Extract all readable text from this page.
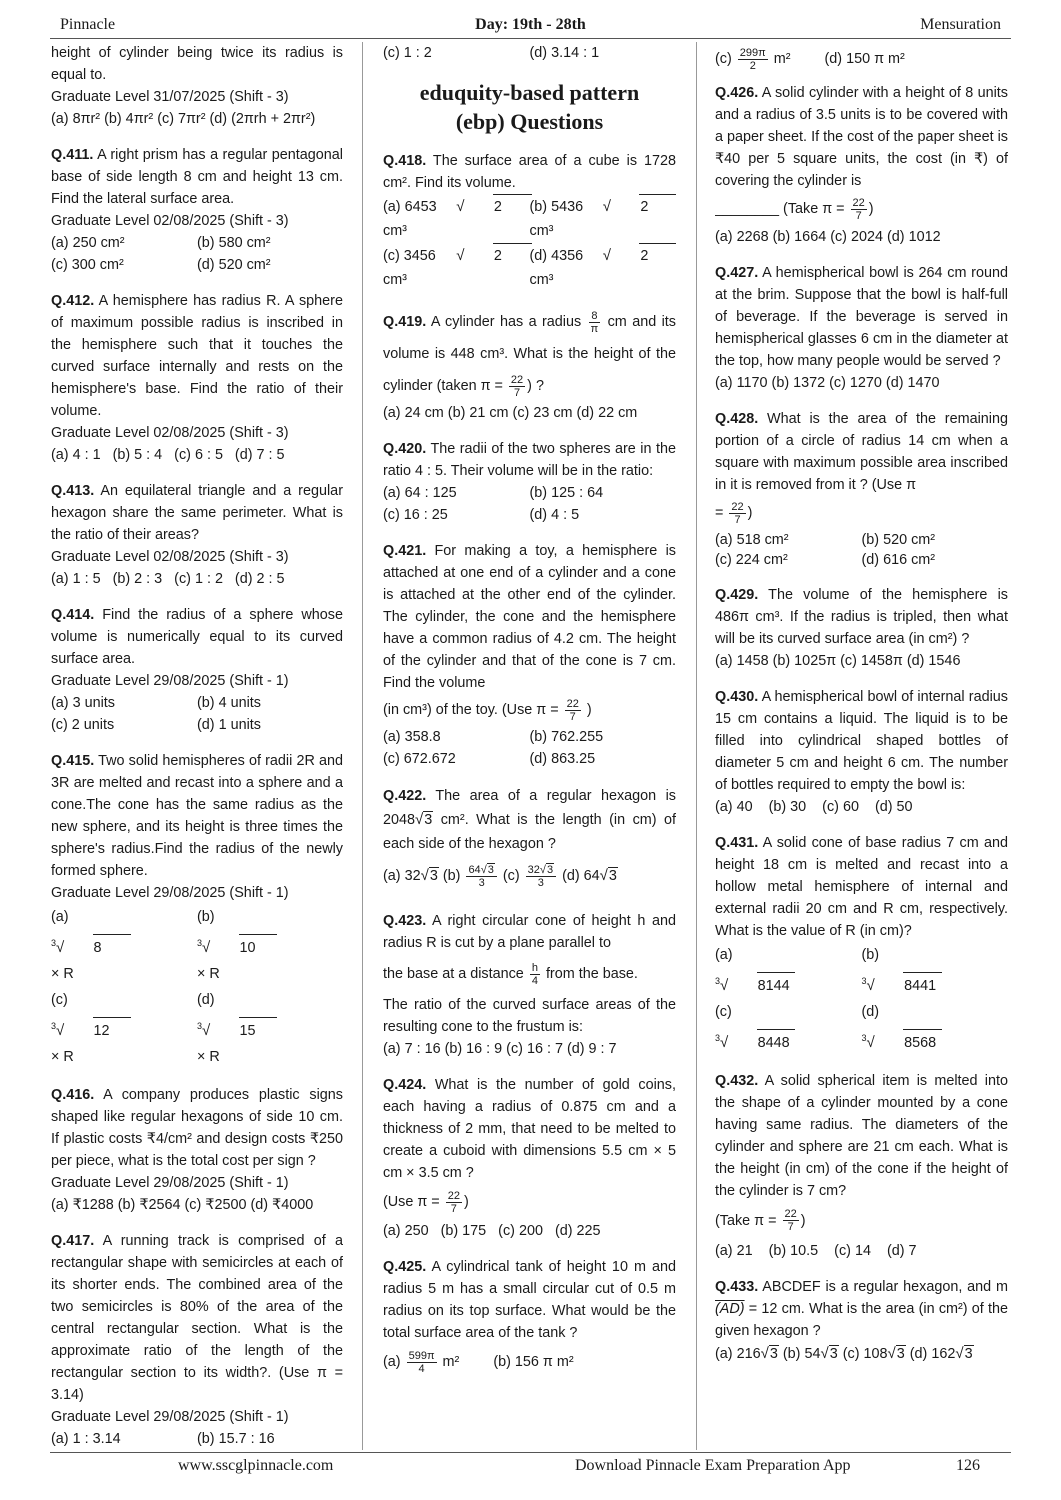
Pinnacle	Day: 19th - 28th	Mensuration

height of cylinder being twice its radius is equal to.

Graduate Level 31/07/2025 (Shift - 3)

(a) 8πr² (b) 4πr² (c) 7πr² (d) (2πrh + 2πr²)

Q.411. A right prism has a regular pentagonal base of side length 8 cm and height 13 cm. Find the lateral surface area.

Graduate Level 02/08/2025 (Shift - 3)

(a) 250 cm²	(b) 580 cm²
(c) 300 cm²	(d) 520 cm²

Q.412. A hemisphere has radius R. A sphere of maximum possible radius is inscribed in the hemisphere such that it touches the curved surface internally and rests on the hemisphere's base. Find the ratio of their volume.

Graduate Level 02/08/2025 (Shift - 3)

(a) 4 : 1   (b) 5 : 4   (c) 6 : 5   (d) 7 : 5

Q.413. An equilateral triangle and a regular hexagon share the same perimeter. What is the ratio of their areas?

Graduate Level 02/08/2025 (Shift - 3)

(a) 1 : 5   (b) 2 : 3   (c) 1 : 2   (d) 2 : 5

Q.414. Find the radius of a sphere whose volume is numerically equal to its curved surface area.

Graduate Level 29/08/2025 (Shift - 1)

(a) 3 units	(b) 4 units
(c) 2 units	(d) 1 units

Q.415. Two solid hemispheres of radii 2R and 3R are melted and recast into a sphere and a cone.The cone has the same radius as the new sphere, and its height is three times the sphere's radius.Find the radius of the newly formed sphere.

Graduate Level 29/08/2025 (Shift - 1)

(a) $^3$√ 8 × R
(b) $^3$√ 10 × R
(c) $^3$√ 12 × R
(d) $^3$√ 15 × R

Q.416. A company produces plastic signs shaped like regular hexagons of side 10 cm. If plastic costs ₹4/cm² and design costs ₹250 per piece, what is the total cost per sign ?

Graduate Level 29/08/2025 (Shift - 1)

(a) ₹1288 (b) ₹2564 (c) ₹2500 (d) ₹4000

Q.417. A running track is comprised of a rectangular shape with semicircles at each of its shorter ends. The combined area of the two semicircles is 80% of the area of the central rectangular section. What is the approximate ratio of the length of the rectangular section to its width?. (Use π = 3.14)

Graduate Level 29/08/2025 (Shift - 1)

(a) 1 : 3.14	(b) 15.7 : 16
(c) 1 : 2	(d) 3.14 : 1
eduquity-based pattern
(ebp) Questions

Q.418. The surface area of a cube is 1728 cm². Find its volume.

(a) 6453 √ 2cm³
(b) 5436 √ 2cm³
(c) 3456 √ 2cm³
(d) 4356 √ 2cm³

Q.419. A cylinder has a radius $\frac{8}{\pi}$ cm and its volume is 448 cm³. What is the height of the cylinder (taken $\pi = \frac{22}{7}$ ) ?

(a) 24 cm (b) 21 cm (c) 23 cm (d) 22 cm

Q.420. The radii of the two spheres are in the ratio 4 : 5. Their volume will be in the ratio:

(a) 64 : 125	(b) 125 : 64
(c) 16 : 25	(d) 4 : 5

Q.421. For making a toy, a hemisphere is attached at one end of a cylinder and a cone is attached at the other end of the cylinder. The cylinder, the cone and the hemisphere have a common radius of 4.2 cm. The height of the cylinder and that of the cone is 7 cm. Find the volume

(in cm³) of the toy. (Use $\pi = \frac{22}{7}$ )

(a) 358.8	(b) 762.255
(c) 672.672	(d) 863.25

Q.422. The area of a regular hexagon is 2048√3 cm². What is the length (in cm) of each side of the hexagon ?

(a) 32√3 $(b) \frac{64√3}{3} (c) \frac{32√3}{3} (d)$ 64√3

Q.423. A right circular cone of height h and radius R is cut by a plane parallel to

the base at a distance $\frac{h}{4}$ from the base.

The ratio of the curved surface areas of the resulting cone to the frustum is:

(a) 7 : 16 (b) 16 : 9 (c) 16 : 7 (d) 9 : 7

Q.424. What is the number of gold coins, each having a radius of 0.875 cm and a thickness of 2 mm, that need to be melted to create a cuboid with dimensions 5.5 cm × 5 cm × 3.5 cm ?

(Use $\pi = \frac{22}{7}$ )

(a) 250   (b) 175   (c) 200   (d) 225

Q.425. A cylindrical tank of height 10 m and radius 5 m has a small circular cut of 0.5 m radius on its top surface. What would be the total surface area of the tank ?

$(a) \frac{599\pi}{4} m^2$ (b) 156 π m²

$(c) \frac{299\pi}{2} m^2$ (d) 150 π m²

Q.426. A solid cylinder with a height of 8 units and a radius of 3.5 units is to be covered with a paper sheet. If the cost of the paper sheet is ₹40 per 5 square units, the cost (in ₹) of covering the cylinder is

________ (Take $\pi = \frac{22}{7}$ )

(a) 2268 (b) 1664 (c) 2024 (d) 1012

Q.427. A hemispherical bowl is 264 cm round at the brim. Suppose that the bowl is half-full of beverage. If the beverage is served in hemispherical glasses 6 cm in the diameter at the top, how many people would be served ?

(a) 1170 (b) 1372 (c) 1270 (d) 1470

Q.428. What is the area of the remaining portion of a circle of radius 14 cm when a square with maximum possible area inscribed in it is removed from it ? (Use π

= $\frac{22}{7}$ )

(a) 518 cm²	(b) 520 cm²
(c) 224 cm²	(d) 616 cm²

Q.429. The volume of the hemisphere is 486π cm³. If the radius is tripled, then what will be its curved surface area (in cm²) ?

(a) 1458 (b) 1025π (c) 1458π (d) 1546

Q.430. A hemispherical bowl of internal radius 15 cm contains a liquid. The liquid is to be filled into cylindrical shaped bottles of diameter 5 cm and height 6 cm. The number of bottles required to empty the bowl is:

(a) 40    (b) 30    (c) 60    (d) 50

Q.431. A solid cone of base radius 7 cm and height 18 cm is melted and recast into a hollow metal hemisphere of internal and external radii 20 cm and R cm, respectively. What is the value of R (in cm)?

(a) $^3$√ 8144
(b) $^3$√ 8441
(c) $^3$√ 8448
(d) $^3$√ 8568

Q.432. A solid spherical item is melted into the shape of a cylinder mounted by a cone having same radius. The diameters of the cylinder and sphere are 21 cm each. What is the height (in cm) of the cone if the height of the cylinder is 7 cm?

(Take $\pi = \frac{22}{7}$ )

(a) 21    (b) 10.5    (c) 14    (d) 7

Q.433. ABCDEF is a regular hexagon, and m (AD) = 12 cm. What is the area (in cm²) of the given hexagon ?

(a) 216√3 (b) 54√3 (c) 108√3 (d) 162√3

www.sscglpinnacle.com	Download Pinnacle Exam Preparation App	126
